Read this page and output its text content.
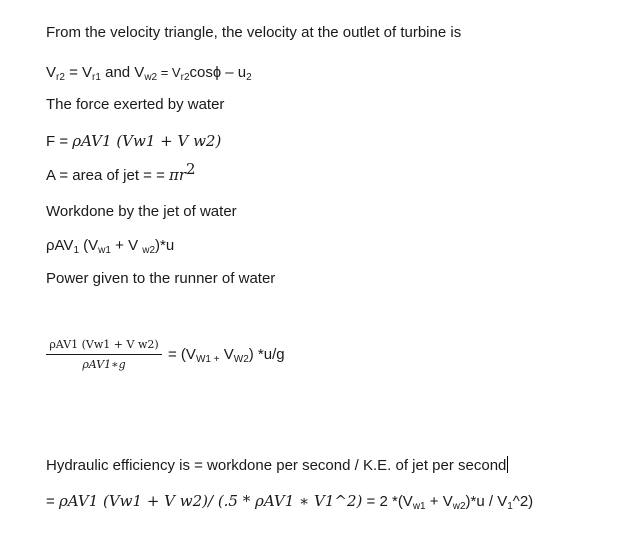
From the velocity triangle, the velocity at the outlet of turbine is
$V_{r2} = V_{r1}$ and $V_{w2}$ = $V_{r2}\cos ɸ - u_2$
The force exerted by water
F = ρAV1 (Vw1 + V w2)
A = area of jet = = $\pi r^2$
Workdone by the jet of water
ρAV$_1$ ($V_{w1} + V$ $_{w2}$)*u
Power given to the runner of water
ρAV1 (Vw1 + V w2)
ρAV1∗g
= ($V_{W1 +}$ $V_{W2}$) *u/g
Hydraulic efficiency is = workdone per second / K.E. of jet per second
= ρAV1 (Vw1 + V w2)/ (.5 * ρAV1 ∗ V1^2) = 2 $*(V_{w1} + V_{w2})*u$ / $V_1\^{}2$)
